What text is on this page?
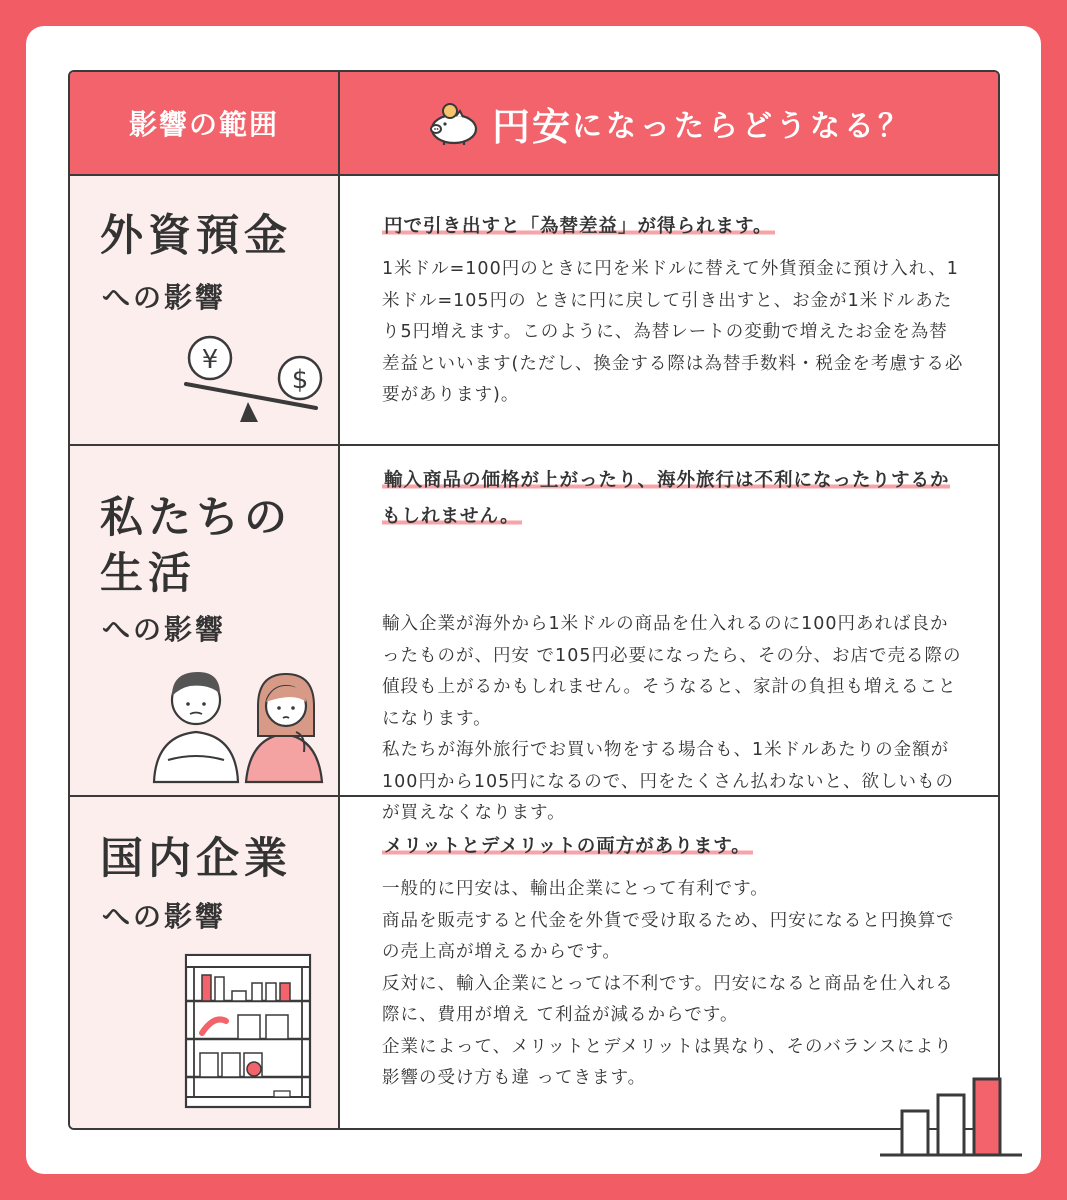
影響の範囲	円安 になったらどうなる？
外資預金
への影響
¥
$
円で引き出すと「為替差益」が得られます。

1米ドル=100円のときに円を米ドルに替えて外貨預金に預け入れ、1米ドル=105円の ときに円に戻して引き出すと、お金が1米ドルあたり5円増えます。このように、為替レートの変動で増えたお金を為替差益といいます(ただし、換金する際は為替手数料・税金を考慮する必要があります)。

私たちの
生活
への影響
輸入商品の価格が上がったり、海外旅行は不利になったりするかもしれません。

輸入企業が海外から1米ドルの商品を仕入れるのに100円あれば良かったものが、円安 で105円必要になったら、その分、お店で売る際の値段も上がるかもしれません。そうなると、家計の負担も増えることになります。

私たちが海外旅行でお買い物をする場合も、1米ドルあたりの金額が100円から105円になるので、円をたくさん払わないと、欲しいものが買えなくなります。

国内企業
への影響
メリットとデメリットの両方があります。

一般的に円安は、輸出企業にとって有利です。

商品を販売すると代金を外貨で受け取るため、円安になると円換算での売上高が増えるからです。

反対に、輸入企業にとっては不利です。円安になると商品を仕入れる際に、費用が増え て利益が減るからです。

企業によって、メリットとデメリットは異なり、そのバランスにより影響の受け方も違 ってきます。
